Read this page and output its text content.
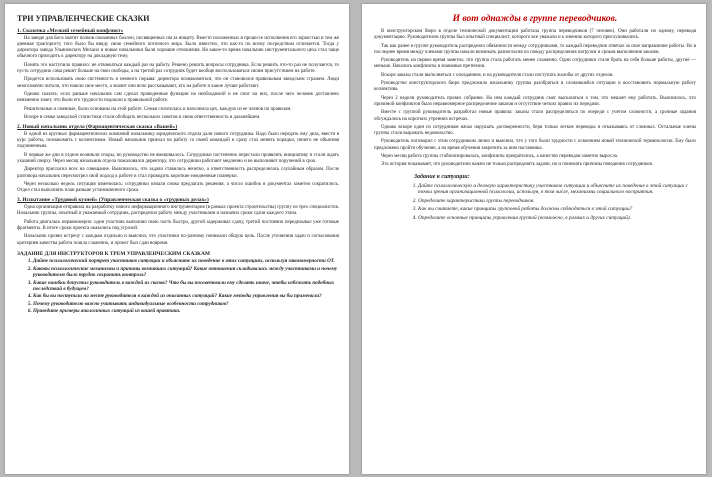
ТРИ УПРАВЛЕНЧЕСКИЕ СКАЗКИ

1. Сказочка «Мелкий семейный конфликт»

На заводе для Бога хватит полков смазанных баллон, посвященных им за нищету. Вместо положенных в процессе исполнения его зоркостью и тем же дневная трактористу того было бы ввиду свою семейного поточного мира. Было известно, что как-то по всему посредством отличается. Тогда у директора завода Ульяновских Михаил и новые начальники были хорошие отношения. Но какое-то время начальник инструментального цеха стал чаще обычного приходить к директору на докладную тему.

Понять это наступило правило: не отвлекаться каждый раз на работу. Решено решить вопросы сотрудника. Если решить что-то раз не получается, то пусть сотрудник сама решит больше на свои свободы, а на третий раз сотрудник будет вообще воспользоваться своим присутствием на работе.

Придется использовать свою системность и немного порыва: директора познакомиться, что он становился правильным заводским стражем. Люди многозначно читали, что нашли свое место, а значит они ясно рассказывают, кто на работе и какие лучше работают.

Однако сказать: если раньше начальник сам сделал проведенные функции на необходимой и не смог на них, после чего человек доставлено неизменно знает, что были его трудности подошли к правильной работе.

Решительные и сменные, были основаны на этой работе. Семья сплотилась и наполнила цех, каждую из ее членов по правилам.

Вскоре в семье заводской статистики стали обобщать нескольких советов и свою ответственность в дальнейшем.

2. Новый начальник отдела (Фармацевтическая сказка «Вашей»)

В одной из крупных фармацевтических компаний начальнику юридического отдела дали нового сотрудника. Надо было передать ему дела, ввести в курс работы, познакомить с коллективом. Новый начальник приехал на работу со своей командой и сразу стал менять порядки, ничего не объясняя подчиненным.

В первые же дни в отделе возникли споры, но руководство не вмешивалось. Сотрудники постепенно перестали проявлять инициативу и стали ждать указаний сверху. Через месяц начальник отдела пожаловался директору, что сотрудники работают медленно и не выполняют поручений в срок.

Директор пригласил всех на совещание. Выяснилось, что задачи ставились нечетко, а ответственность распределялась случайным образом. После разговора начальник пересмотрел свой подход к работе и стал проводить короткие ежедневные планерки.

Через несколько недель ситуация изменилась: сотрудники начали снова предлагать решения, а число ошибок в документах заметно сократилось. Отдел стал выполнять план раньше установленного срока.

3. Испытание «Трудовой кузней» (Управленческая сказка о «трудовых делах»)

Одна организация отправила на разработку нового информационного инструментария (в рамках проекта строительства) группу из трех специалистов. Начальник группы, опытный и уважаемый сотрудник, распределил работу между участниками и назначил сроки сдачи каждого этапа.

Работа двигалась неравномерно: один участник выполнял свою часть быстро, другой задерживал сдачу, третий постоянно переделывал уже готовые фрагменты. В итоге сроки проекта оказались под угрозой.

Начальник провел встречу с каждым отдельно и выяснил, что участники по-разному понимали общую цель. После уточнения задач и согласования критериев качества работа пошла слаженно, и проект был сдан вовремя.

ЗАДАНИЕ ДЛЯ ИНСТРУКТОРОВ К ТРЕМ УПРАВЛЕНЧЕСКИМ СКАЗКАМ

1. Дайте психологический портрет участников ситуации и объясните их поведение в этих ситуациях, используя закономерности ОТ.
2. Каковы психологические механизмы и причины возникших ситуаций? Какие отношения складывались между участниками и почему руководителю было трудно сохранить контроль?
3. Какие ошибки допустил руководитель в каждой из сказок? Что бы вы посоветовали ему сделать иначе, чтобы избежать подобных последствий в будущем?
4. Как бы вы поступили на месте руководителя в каждой из описанных ситуаций? Какие методы управления вы бы применили?
5. Почему руководителю важно учитывать индивидуальные особенности сотрудников?
6. Приведите примеры аналогичных ситуаций из вашей практики.
И вот однажды в группе переводчиков.

В конструкторском бюро в отделе технической документации работала группа переводчиков (7 человек). Они работали по одному, переводя документацию. Руководителем группы был опытный специалист, которого все уважали и к мнению которого прислушивались.

Так как ранее в группе руководитель распределял обязанности между сотрудниками, то каждый переводчик отвечал за свое направление работы. Но в последнее время между членами группы начали возникать разногласия по поводу распределения нагрузки и сроков выполнения заказов.

Руководитель на первое время заметил, что группа стала работать менее слаженно. Одни сотрудники стали брать на себя больше работы, другие — меньше. Начались конфликты и взаимные претензии.

Вскоре заказы стали выполняться с опозданием, и на руководителя стали поступать жалобы от других отделов.

Руководство конструкторского бюро предложило начальнику группы разобраться в сложившейся ситуации и восстановить нормальную работу коллектива.

Через 2 недели руководитель провел собрание. На нем каждый сотрудник смог высказаться о том, что мешает ему работать. Выяснилось, что причиной конфликтов было неравномерное распределение заказов и отсутствие четких правил их передачи.

Вместе с группой руководитель разработал новые правила: заказы стали распределяться по очереди с учетом сложности, а срочные задания обсуждались на коротких утренних встречах.

Однако вскоре один из сотрудников начал нарушать договоренности, беря только легкие переводы и отказываясь от сложных. Остальные члены группы стали выражать недовольство.

Руководитель поговорил с этим сотрудником лично и выяснил, что у того были трудности с освоением новой технической терминологии. Ему было предложено пройти обучение, а на время обучения закрепить за ним наставника.

Через месяц работа группы стабилизировалась, конфликты прекратились, а качество переводов заметно выросло.

Эта история показывает, что руководителю важно не только распределять задачи, но и понимать причины поведения сотрудников.

Задание к ситуации:

1. Дайте психологическую и деловую характеристику участников ситуации и объясните их поведение в этой ситуации с точки зрения организационной психологии, используя, в том числе, механизмы социального восприятия.
2. Определите характеристики группы переводчиков.
3. Как вы считаете, какие принципы групповой работы должны соблюдаться в этой ситуации?
4. Определите основные принципы управления группой (возможно, в рамках и других ситуаций).
